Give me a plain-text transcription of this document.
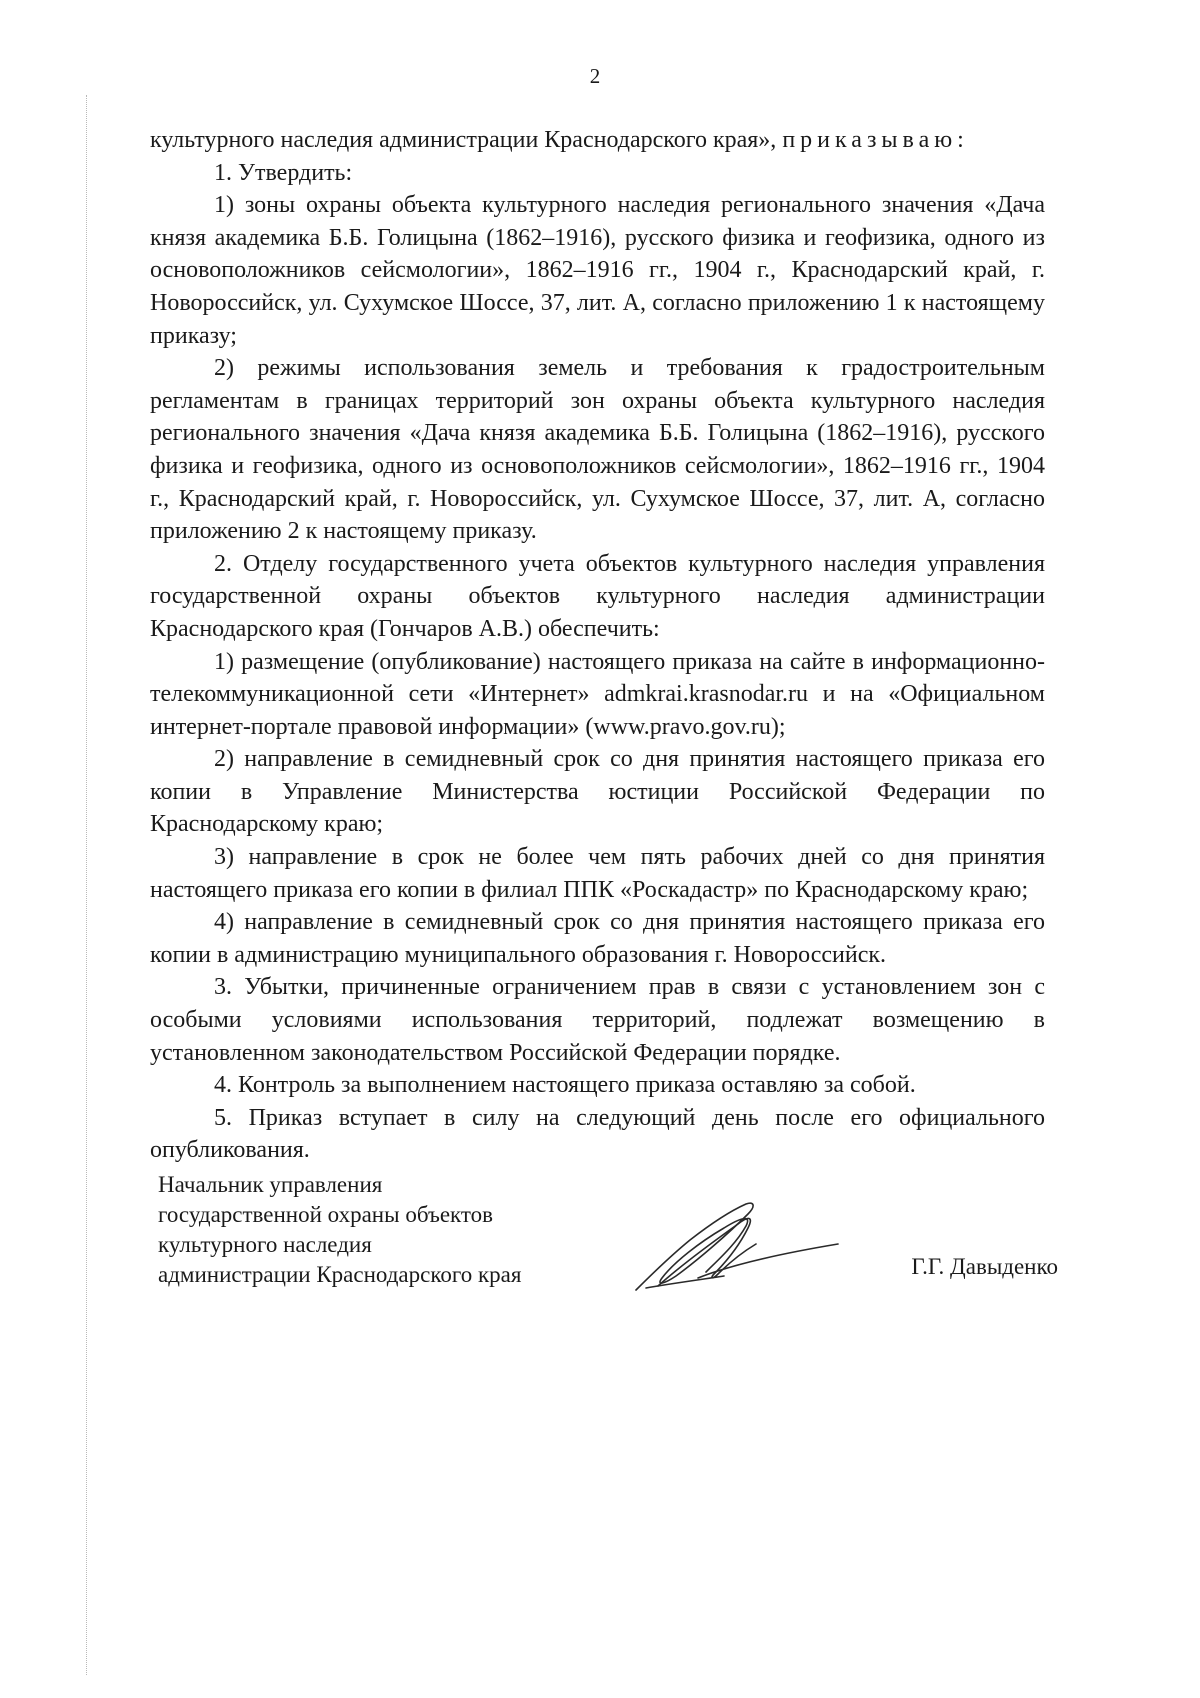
2

культурного наследия администрации Краснодарского края», приказываю:

1. Утвердить:

1) зоны охраны объекта культурного наследия регионального значения «Дача князя академика Б.Б. Голицына (1862–1916), русского физика и геофизика, одного из основоположников сейсмологии», 1862–1916 гг., 1904 г., Краснодарский край, г. Новороссийск, ул. Сухумское Шоссе, 37, лит. А, согласно приложению 1 к настоящему приказу;

2) режимы использования земель и требования к градостроительным регламентам в границах территорий зон охраны объекта культурного наследия регионального значения «Дача князя академика Б.Б. Голицына (1862–1916), русского физика и геофизика, одного из основоположников сейсмологии», 1862–1916 гг., 1904 г., Краснодарский край, г. Новороссийск, ул. Сухумское Шоссе, 37, лит. А, согласно приложению 2 к настоящему приказу.

2. Отделу государственного учета объектов культурного наследия управления государственной охраны объектов культурного наследия администрации Краснодарского края (Гончаров А.В.) обеспечить:

1) размещение (опубликование) настоящего приказа на сайте в информационно-телекоммуникационной сети «Интернет» admkrai.krasnodar.ru и на «Официальном интернет-портале правовой информации» (www.pravo.gov.ru);

2) направление в семидневный срок со дня принятия настоящего приказа его копии в Управление Министерства юстиции Российской Федерации по Краснодарскому краю;

3) направление в срок не более чем пять рабочих дней со дня принятия настоящего приказа его копии в филиал ППК «Роскадастр» по Краснодарскому краю;

4) направление в семидневный срок со дня принятия настоящего приказа его копии в администрацию муниципального образования г. Новороссийск.

3. Убытки, причиненные ограничением прав в связи с установлением зон с особыми условиями использования территорий, подлежат возмещению в установленном законодательством Российской Федерации порядке.

4. Контроль за выполнением настоящего приказа оставляю за собой.

5. Приказ вступает в силу на следующий день после его официального опубликования.

Начальник управления
государственной охраны объектов
культурного наследия
администрации Краснодарского края	Г.Г. Давыденко
